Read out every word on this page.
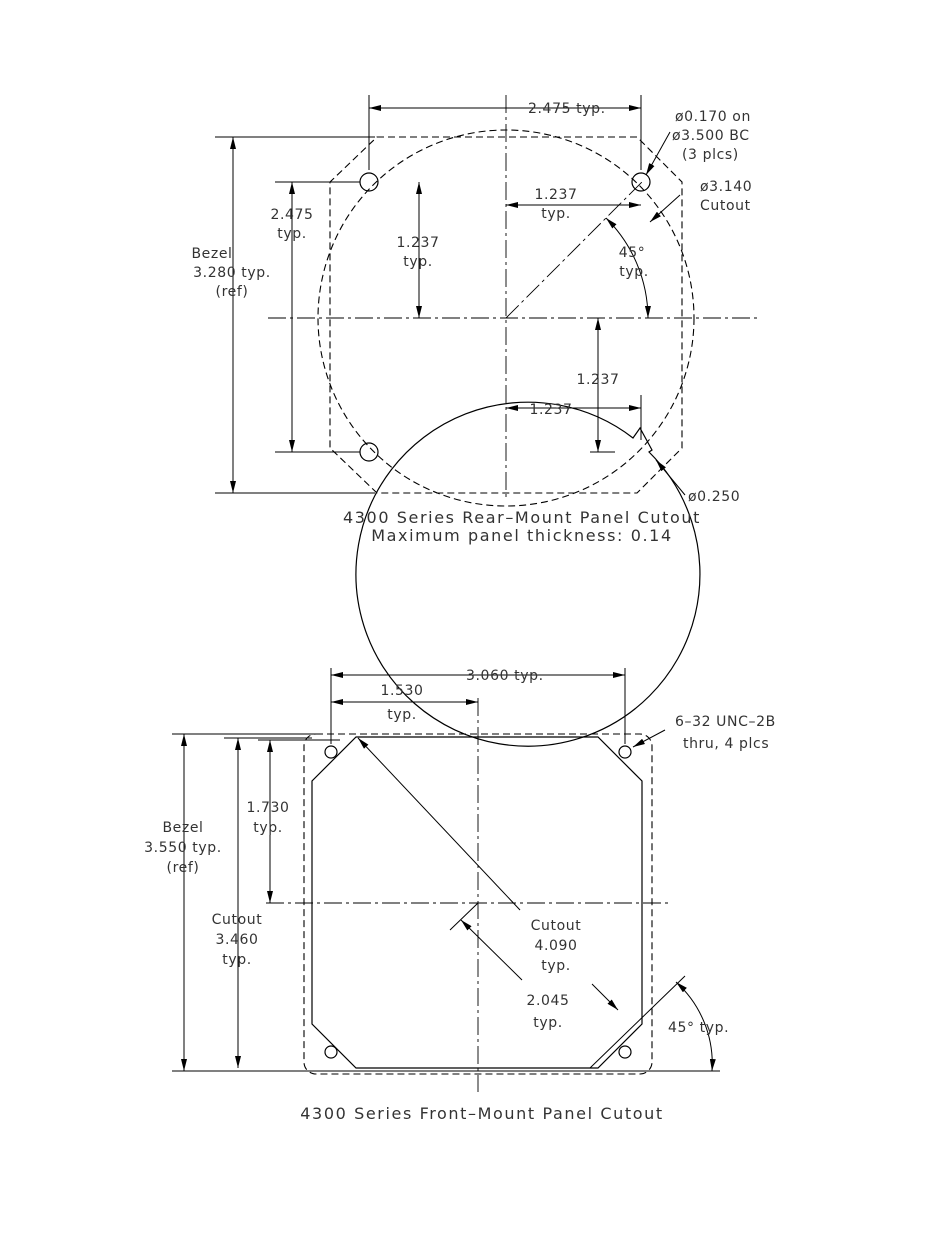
2.475 typ.	ø0.170 on
ø3.500 BC
(3 plcs)
ø3.140
Cutout
Bezel
3.280 typ.
(ref)
2.475
typ.
1.237
typ.
1.237
typ.
45°
typ.
1.237
1.237
ø0.250
4300 Series Rear–Mount Panel Cutout
Maximum panel thickness: 0.14
3.060 typ.
1.530
typ.	6–32 UNC–2B
thru, 4 plcs
Bezel
3.550 typ.
(ref)
1.730
typ.
Cutout
3.460
typ.
Cutout
4.090
typ.
2.045
typ.	45° typ.
4300 Series Front–Mount Panel Cutout
